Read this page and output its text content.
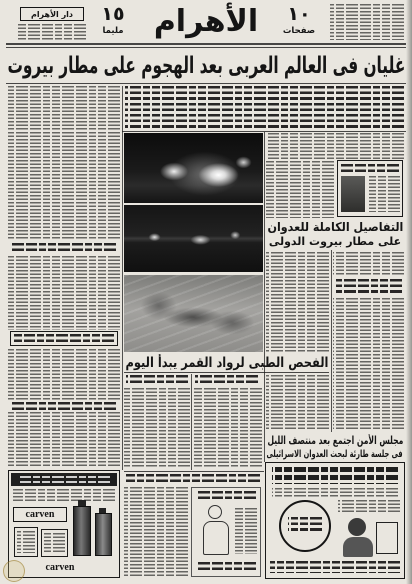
دار الأهرام ١٥
مليما الأهرام ١٠
صفحات
غليان فى العالم العربى بعد الهجوم على مطار بيروت
التفاصيل الكاملة للعدوان
على مطار بيروت الدولى
الفحص الطبى لرواد القمر يبدأ اليوم
مجلس الأمن اجتمع بعد منتصف الليل
فى جلسة طارئة لبحث العدوان الاسرائيلى
carven
carven
